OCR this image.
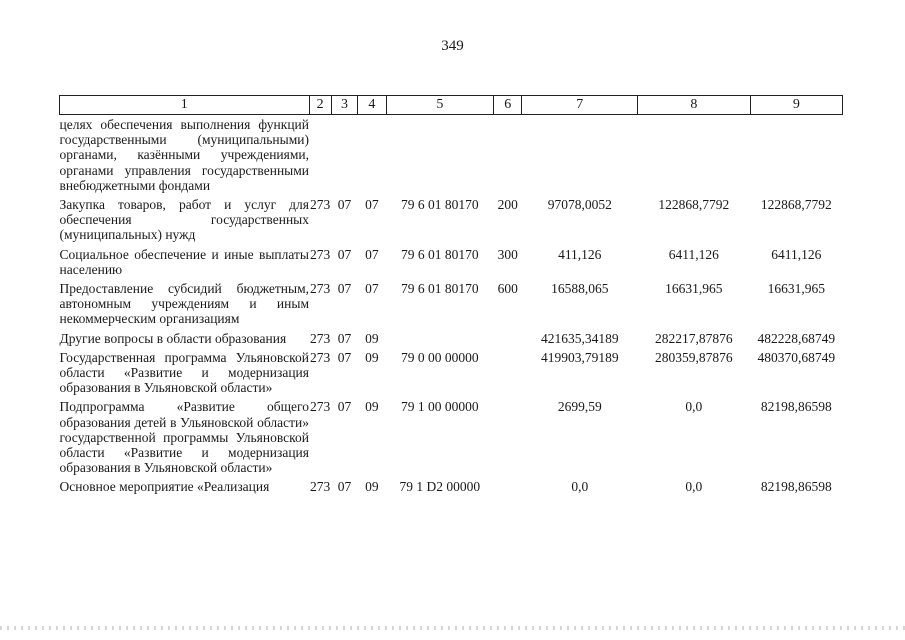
349
1	2	3	4	5	6	7	8	9
целях обеспечения выполнения функций государственными (муниципальными) органами, казёнными учреждениями, органами управления государственными внебюджетными фондами								
Закупка товаров, работ и услуг для обеспечения государственных (муниципальных) нужд	273	07	07	79 6 01 80170	200	97078,0052	122868,7792	122868,7792
Социальное обеспечение и иные выплаты населению	273	07	07	79 6 01 80170	300	411,126	6411,126	6411,126
Предоставление субсидий бюджетным, автономным учреждениям и иным некоммерческим организациям	273	07	07	79 6 01 80170	600	16588,065	16631,965	16631,965
Другие вопросы в области образования	273	07	09			421635,34189	282217,87876	482228,68749
Государственная программа Ульяновской области «Развитие и модернизация образования в Ульяновской области»	273	07	09	79 0 00 00000		419903,79189	280359,87876	480370,68749
Подпрограмма «Развитие общего образования детей в Ульяновской области» государственной программы Ульяновской области «Развитие и модернизация образования в Ульяновской области»	273	07	09	79 1 00 00000		2699,59	0,0	82198,86598
Основное мероприятие «Реализация	273	07	09	79 1 D2 00000		0,0	0,0	82198,86598
